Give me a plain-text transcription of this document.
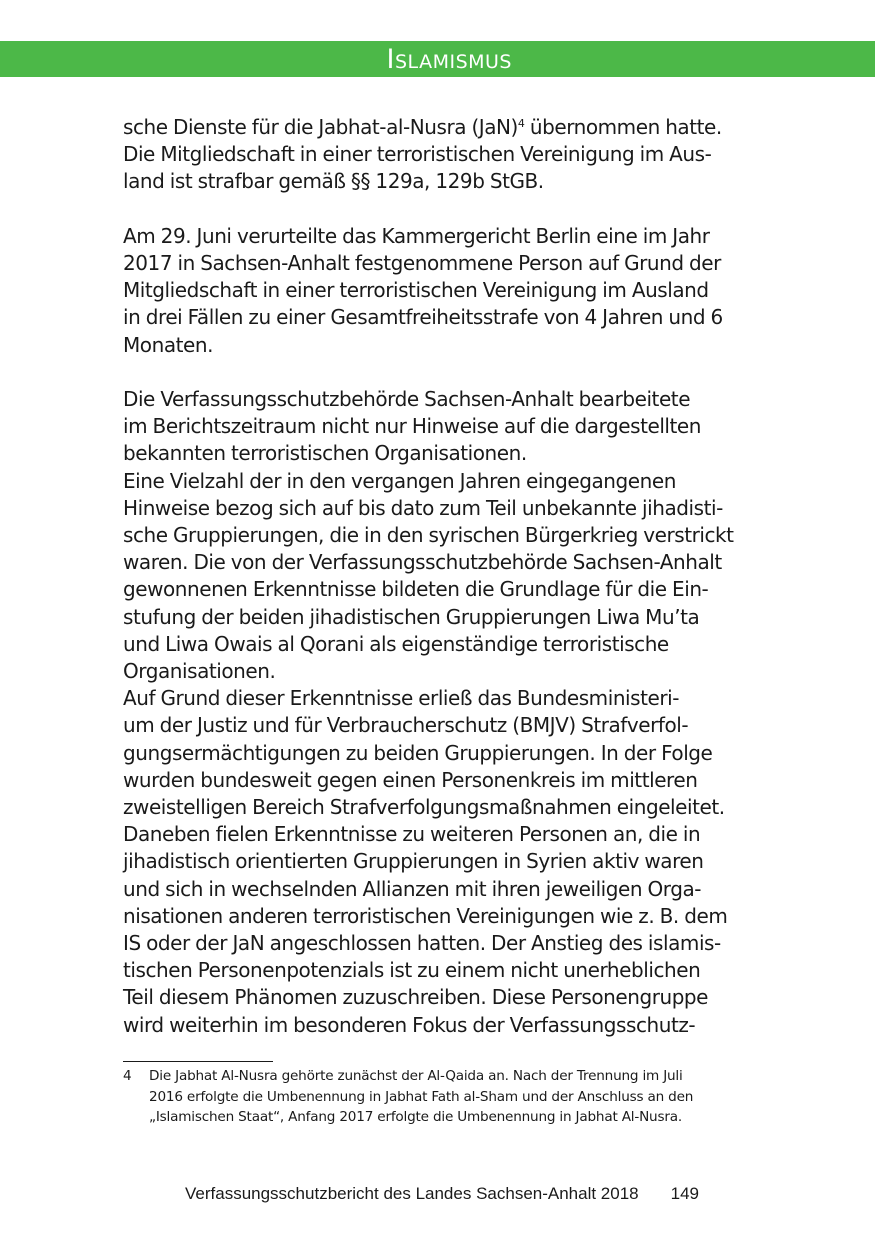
Islamismus

sche Dienste für die Jabhat-al-Nusra (JaN)$^4$ übernommen hatte.
Die Mitgliedschaft in einer terroristischen Vereinigung im Aus-
land ist strafbar gemäß §§ 129a, 129b StGB.

Am 29. Juni verurteilte das Kammergericht Berlin eine im Jahr
2017 in Sachsen-Anhalt festgenommene Person auf Grund der
Mitgliedschaft in einer terroristischen Vereinigung im Ausland
in drei Fällen zu einer Gesamtfreiheitsstrafe von 4 Jahren und 6
Monaten.

Die Verfassungsschutzbehörde Sachsen-Anhalt bearbeitete
im Berichtszeitraum nicht nur Hinweise auf die dargestellten
bekannten terroristischen Organisationen.
Eine Vielzahl der in den vergangen Jahren eingegangenen
Hinweise bezog sich auf bis dato zum Teil unbekannte jihadisti-
sche Gruppierungen, die in den syrischen Bürgerkrieg verstrickt
waren. Die von der Verfassungsschutzbehörde Sachsen-Anhalt
gewonnenen Erkenntnisse bildeten die Grundlage für die Ein-
stufung der beiden jihadistischen Gruppierungen Liwa Mu’ta
und Liwa Owais al Qorani als eigenständige terroristische
Organisationen.
Auf Grund dieser Erkenntnisse erließ das Bundesministeri-
um der Justiz und für Verbraucherschutz (BMJV) Strafverfol-
gungsermächtigungen zu beiden Gruppierungen. In der Folge
wurden bundesweit gegen einen Personenkreis im mittleren
zweistelligen Bereich Strafverfolgungsmaßnahmen eingeleitet.
Daneben fielen Erkenntnisse zu weiteren Personen an, die in
jihadistisch orientierten Gruppierungen in Syrien aktiv waren
und sich in wechselnden Allianzen mit ihren jeweiligen Orga-
nisationen anderen terroristischen Vereinigungen wie z. B. dem
IS oder der JaN angeschlossen hatten. Der Anstieg des islamis-
tischen Personenpotenzials ist zu einem nicht unerheblichen
Teil diesem Phänomen zuzuschreiben. Diese Personengruppe
wird weiterhin im besonderen Fokus der Verfassungsschutz-

4 Die Jabhat Al-Nusra gehörte zunächst der Al-Qaida an. Nach der Trennung im Juli
2016 erfolgte die Umbenennung in Jabhat Fath al-Sham und der Anschluss an den
„Islamischen Staat“, Anfang 2017 erfolgte die Umbenennung in Jabhat Al-Nusra.
Verfassungsschutzbericht des Landes Sachsen-Anhalt 2018 149
